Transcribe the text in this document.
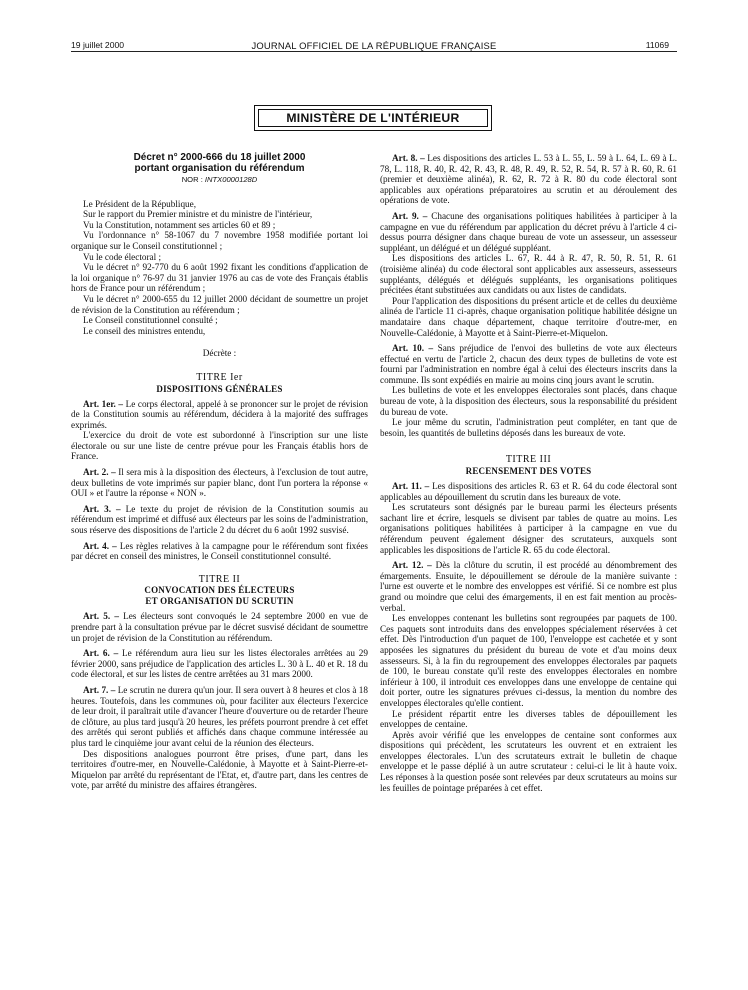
19 juillet 2000	JOURNAL OFFICIEL DE LA RÉPUBLIQUE FRANÇAISE	11069
MINISTÈRE DE L'INTÉRIEUR
Décret n° 2000-666 du 18 juillet 2000
portant organisation du référendum
NOR : INTX0000128D

Le Président de la République,

Sur le rapport du Premier ministre et du ministre de l'intérieur,

Vu la Constitution, notamment ses articles 60 et 89 ;

Vu l'ordonnance n° 58-1067 du 7 novembre 1958 modifiée portant loi organique sur le Conseil constitutionnel ;

Vu le code électoral ;

Vu le décret n° 92-770 du 6 août 1992 fixant les conditions d'application de la loi organique n° 76-97 du 31 janvier 1976 au cas de vote des Français établis hors de France pour un référendum ;

Vu le décret n° 2000-655 du 12 juillet 2000 décidant de soumettre un projet de révision de la Constitution au référendum ;

Le Conseil constitutionnel consulté ;

Le conseil des ministres entendu,

Décrète :
TITRE Ier
DISPOSITIONS GÉNÉRALES

Art. 1er. – Le corps électoral, appelé à se prononcer sur le projet de révision de la Constitution soumis au référendum, décidera à la majorité des suffrages exprimés.

L'exercice du droit de vote est subordonné à l'inscription sur une liste électorale ou sur une liste de centre prévue pour les Français établis hors de France.

Art. 2. – Il sera mis à la disposition des électeurs, à l'exclusion de tout autre, deux bulletins de vote imprimés sur papier blanc, dont l'un portera la réponse « OUI » et l'autre la réponse « NON ».

Art. 3. – Le texte du projet de révision de la Constitution soumis au référendum est imprimé et diffusé aux électeurs par les soins de l'administration, sous réserve des dispositions de l'article 2 du décret du 6 août 1992 susvisé.

Art. 4. – Les règles relatives à la campagne pour le référendum sont fixées par décret en conseil des ministres, le Conseil constitutionnel consulté.

TITRE II
CONVOCATION DES ÉLECTEURS
ET ORGANISATION DU SCRUTIN

Art. 5. – Les électeurs sont convoqués le 24 septembre 2000 en vue de prendre part à la consultation prévue par le décret susvisé décidant de soumettre un projet de révision de la Constitution au référendum.

Art. 6. – Le référendum aura lieu sur les listes électorales arrêtées au 29 février 2000, sans préjudice de l'application des articles L. 30 à L. 40 et R. 18 du code électoral, et sur les listes de centre arrêtées au 31 mars 2000.

Art. 7. – Le scrutin ne durera qu'un jour. Il sera ouvert à 8 heures et clos à 18 heures. Toutefois, dans les communes où, pour faciliter aux électeurs l'exercice de leur droit, il paraîtrait utile d'avancer l'heure d'ouverture ou de retarder l'heure de clôture, au plus tard jusqu'à 20 heures, les préfets pourront prendre à cet effet des arrêtés qui seront publiés et affichés dans chaque commune intéressée au plus tard le cinquième jour avant celui de la réunion des électeurs.

Des dispositions analogues pourront être prises, d'une part, dans les territoires d'outre-mer, en Nouvelle-Calédonie, à Mayotte et à Saint-Pierre-et-Miquelon par arrêté du représentant de l'Etat, et, d'autre part, dans les centres de vote, par arrêté du ministre des affaires étrangères.

Art. 8. – Les dispositions des articles L. 53 à L. 55, L. 59 à L. 64, L. 69 à L. 78, L. 118, R. 40, R. 42, R. 43, R. 48, R. 49, R. 52, R. 54, R. 57 à R. 60, R. 61 (premier et deuxième alinéa), R. 62, R. 72 à R. 80 du code électoral sont applicables aux opérations préparatoires au scrutin et au déroulement des opérations de vote.

Art. 9. – Chacune des organisations politiques habilitées à participer à la campagne en vue du référendum par application du décret prévu à l'article 4 ci-dessus pourra désigner dans chaque bureau de vote un assesseur, un assesseur suppléant, un délégué et un délégué suppléant.

Les dispositions des articles L. 67, R. 44 à R. 47, R. 50, R. 51, R. 61 (troisième alinéa) du code électoral sont applicables aux assesseurs, assesseurs suppléants, délégués et délégués suppléants, les organisations politiques précitées étant substituées aux candidats ou aux listes de candidats.

Pour l'application des dispositions du présent article et de celles du deuxième alinéa de l'article 11 ci-après, chaque organisation politique habilitée désigne un mandataire dans chaque département, chaque territoire d'outre-mer, en Nouvelle-Calédonie, à Mayotte et à Saint-Pierre-et-Miquelon.

Art. 10. – Sans préjudice de l'envoi des bulletins de vote aux électeurs effectué en vertu de l'article 2, chacun des deux types de bulletins de vote est fourni par l'administration en nombre égal à celui des électeurs inscrits dans la commune. Ils sont expédiés en mairie au moins cinq jours avant le scrutin.

Les bulletins de vote et les enveloppes électorales sont placés, dans chaque bureau de vote, à la disposition des électeurs, sous la responsabilité du président du bureau de vote.

Le jour même du scrutin, l'administration peut compléter, en tant que de besoin, les quantités de bulletins déposés dans les bureaux de vote.

TITRE III
RECENSEMENT DES VOTES

Art. 11. – Les dispositions des articles R. 63 et R. 64 du code électoral sont applicables au dépouillement du scrutin dans les bureaux de vote.

Les scrutateurs sont désignés par le bureau parmi les électeurs présents sachant lire et écrire, lesquels se divisent par tables de quatre au moins. Les organisations politiques habilitées à participer à la campagne en vue du référendum peuvent également désigner des scrutateurs, auxquels sont applicables les dispositions de l'article R. 65 du code électoral.

Art. 12. – Dès la clôture du scrutin, il est procédé au dénombrement des émargements. Ensuite, le dépouillement se déroule de la manière suivante : l'urne est ouverte et le nombre des enveloppes est vérifié. Si ce nombre est plus grand ou moindre que celui des émargements, il en est fait mention au procès-verbal.

Les enveloppes contenant les bulletins sont regroupées par paquets de 100. Ces paquets sont introduits dans des enveloppes spécialement réservées à cet effet. Dès l'introduction d'un paquet de 100, l'enveloppe est cachetée et y sont apposées les signatures du président du bureau de vote et d'au moins deux assesseurs. Si, à la fin du regroupement des enveloppes électorales par paquets de 100, le bureau constate qu'il reste des enveloppes électorales en nombre inférieur à 100, il introduit ces enveloppes dans une enveloppe de centaine qui doit porter, outre les signatures prévues ci-dessus, la mention du nombre des enveloppes électorales qu'elle contient.

Le président répartit entre les diverses tables de dépouillement les enveloppes de centaine.

Après avoir vérifié que les enveloppes de centaine sont conformes aux dispositions qui précèdent, les scrutateurs les ouvrent et en extraient les enveloppes électorales. L'un des scrutateurs extrait le bulletin de chaque enveloppe et le passe déplié à un autre scrutateur : celui-ci le lit à haute voix. Les réponses à la question posée sont relevées par deux scrutateurs au moins sur les feuilles de pointage préparées à cet effet.
